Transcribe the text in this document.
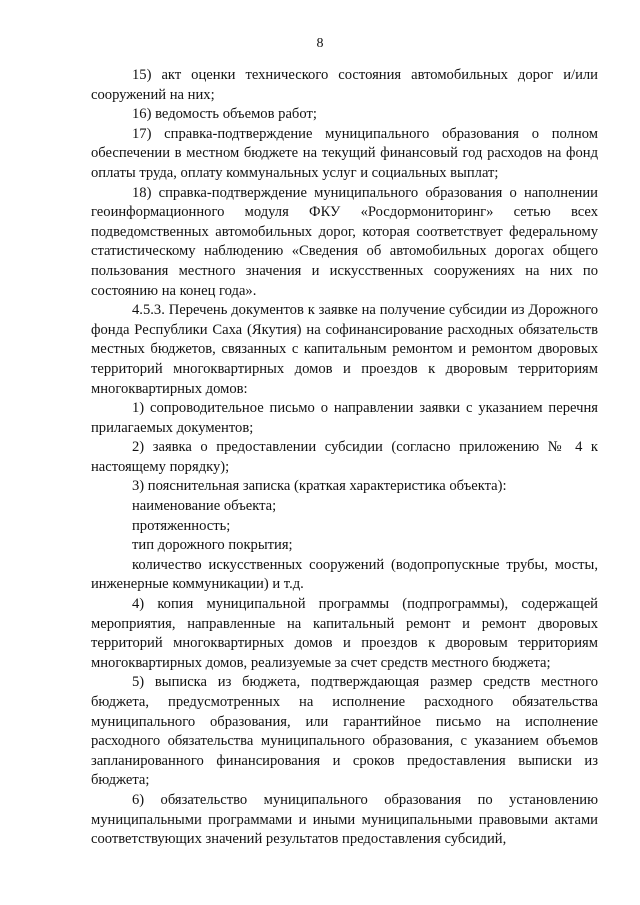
8

15) акт оценки технического состояния автомобильных дорог и/или сооружений на них;

16) ведомость объемов работ;

17) справка-подтверждение муниципального образования о полном обеспечении в местном бюджете на текущий финансовый год расходов на фонд оплаты труда, оплату коммунальных услуг и социальных выплат;

18) справка-подтверждение муниципального образования о наполнении геоинформационного модуля ФКУ «Росдормониторинг» сетью всех подведомственных автомобильных дорог, которая соответствует федеральному статистическому наблюдению «Сведения об автомобильных дорогах общего пользования местного значения и искусственных сооружениях на них по состоянию на конец года».

4.5.3. Перечень документов к заявке на получение субсидии из Дорожного фонда Республики Саха (Якутия) на софинансирование расходных обязательств местных бюджетов, связанных с капитальным ремонтом и ремонтом дворовых территорий многоквартирных домов и проездов к дворовым территориям многоквартирных домов:

1) сопроводительное письмо о направлении заявки с указанием перечня прилагаемых документов;

2) заявка о предоставлении субсидии (согласно приложению № 4 к настоящему порядку);

3) пояснительная записка (краткая характеристика объекта):

наименование объекта;

протяженность;

тип дорожного покрытия;

количество искусственных сооружений (водопропускные трубы, мосты, инженерные коммуникации) и т.д.

4) копия муниципальной программы (подпрограммы), содержащей мероприятия, направленные на капитальный ремонт и ремонт дворовых территорий многоквартирных домов и проездов к дворовым территориям многоквартирных домов, реализуемые за счет средств местного бюджета;

5) выписка из бюджета, подтверждающая размер средств местного бюджета, предусмотренных на исполнение расходного обязательства муниципального образования, или гарантийное письмо на исполнение расходного обязательства муниципального образования, с указанием объемов запланированного финансирования и сроков предоставления выписки из бюджета;

6) обязательство муниципального образования по установлению муниципальными программами и иными муниципальными правовыми актами соответствующих значений результатов предоставления субсидий,
